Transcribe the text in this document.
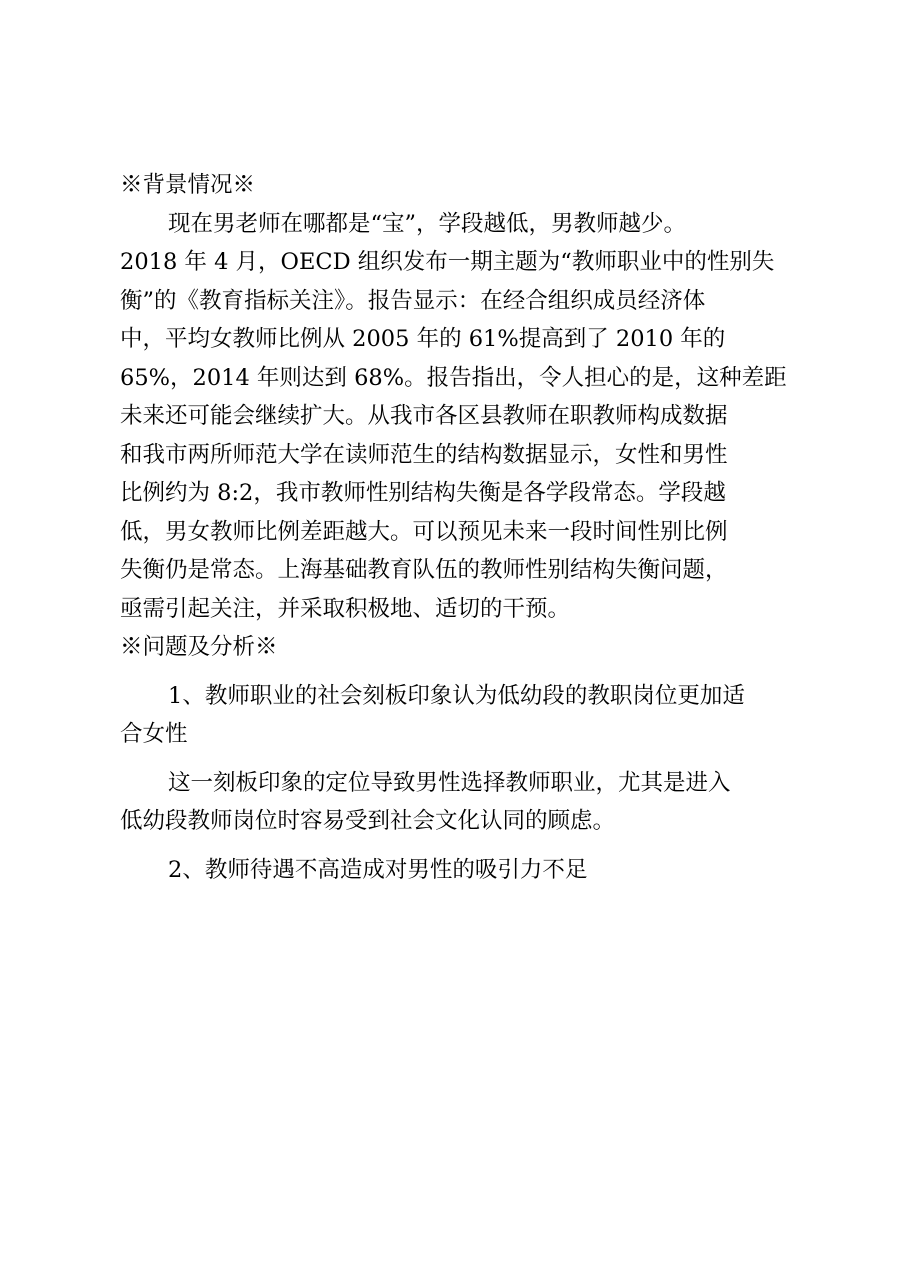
※背景情况※

现在男老师在哪都是“宝”，学段越低，男教师越少。

2018 年 4 月，OECD 组织发布一期主题为“教师职业中的性别失

衡”的《教育指标关注》。报告显示：在经合组织成员经济体

中，平均女教师比例从 2005 年的 61%提高到了 2010 年的

65%，2014 年则达到 68%。报告指出，令人担心的是，这种差距

未来还可能会继续扩大。从我市各区县教师在职教师构成数据

和我市两所师范大学在读师范生的结构数据显示，女性和男性

比例约为 8:2，我市教师性别结构失衡是各学段常态。学段越

低，男女教师比例差距越大。可以预见未来一段时间性别比例

失衡仍是常态。上海基础教育队伍的教师性别结构失衡问题，

亟需引起关注，并采取积极地、适切的干预。

※问题及分析※

1、教师职业的社会刻板印象认为低幼段的教职岗位更加适

合女性

这一刻板印象的定位导致男性选择教师职业，尤其是进入

低幼段教师岗位时容易受到社会文化认同的顾虑。

2、教师待遇不高造成对男性的吸引力不足
